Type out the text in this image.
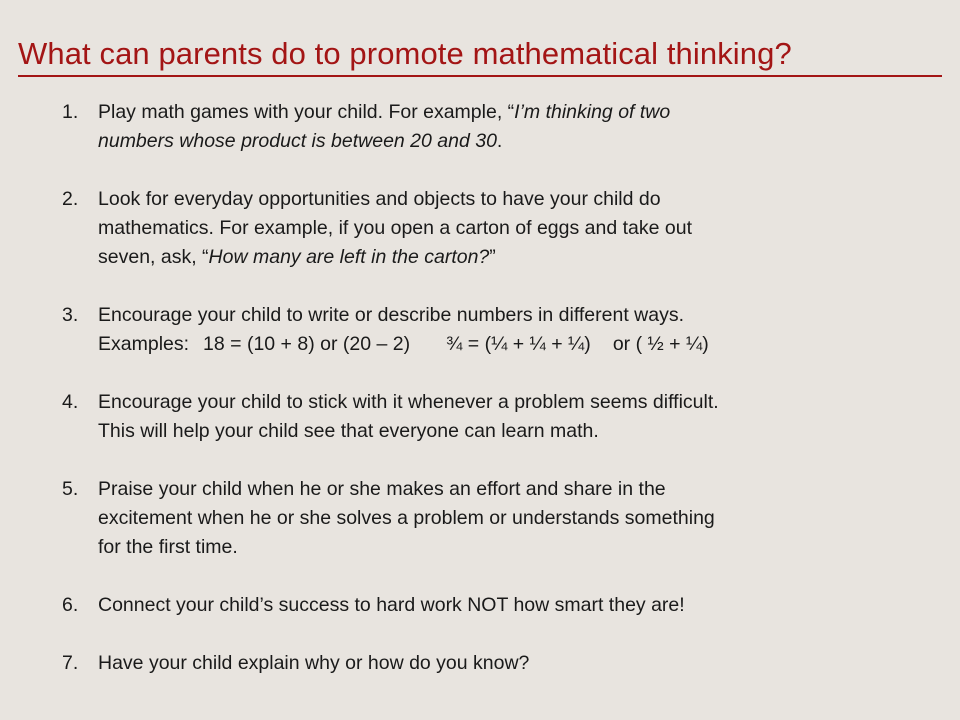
What can parents do to promote mathematical thinking?
1. Play math games with your child. For example, “I’m thinking of two
numbers whose product is between 20 and 30.
2. Look for everyday opportunities and objects to have your child do
mathematics. For example, if you open a carton of eggs and take out
seven, ask, “How many are left in the carton?”
3. Encourage your child to write or describe numbers in different ways.
Examples: 18 = (10 + 8) or (20 – 2) ¾ = (¼ + ¼ + ¼) or ( ½ + ¼)
4. Encourage your child to stick with it whenever a problem seems difficult.
This will help your child see that everyone can learn math.
5. Praise your child when he or she makes an effort and share in the
excitement when he or she solves a problem or understands something
for the first time.
6. Connect your child’s success to hard work NOT how smart they are!
7. Have your child explain why or how do you know?
